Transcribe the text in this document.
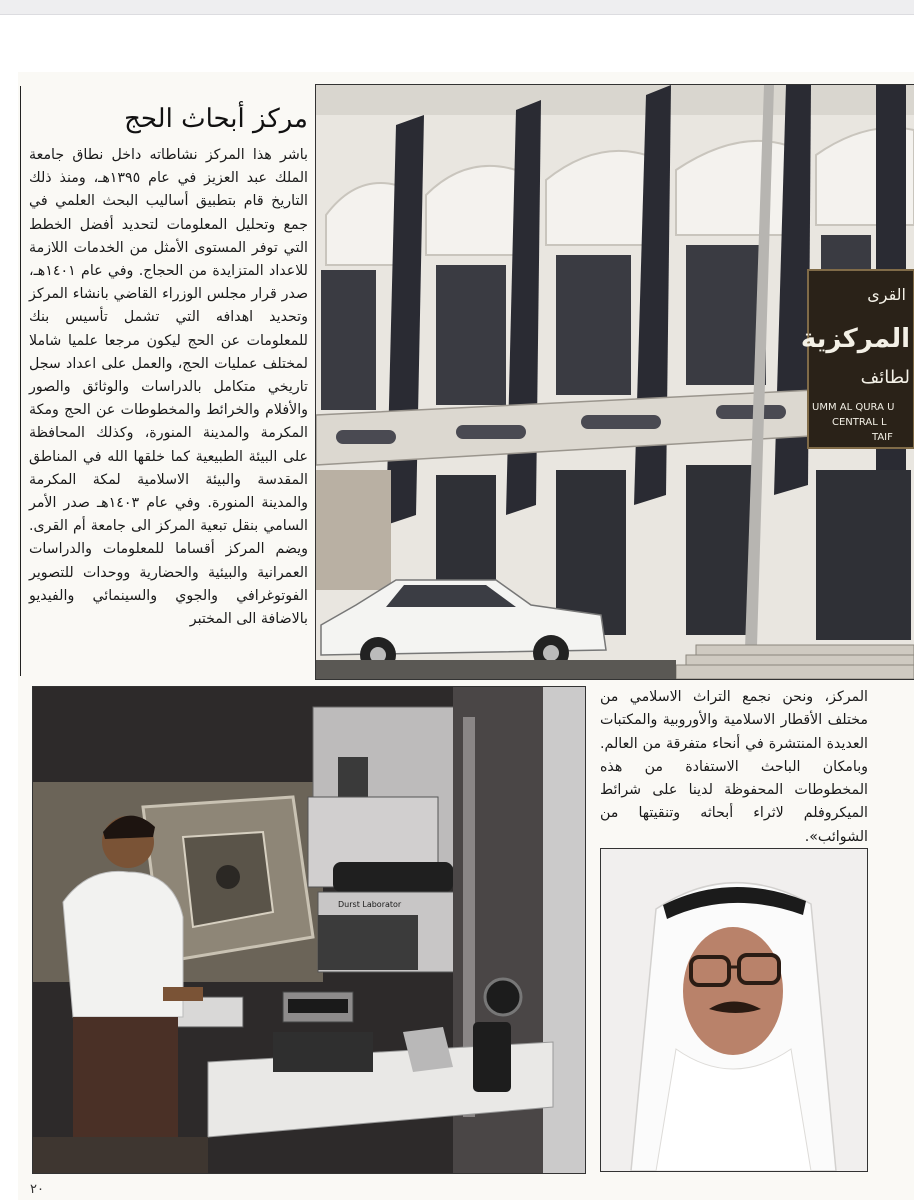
مركز أبحاث الحج

باشر هذا المركز نشاطاته داخل نطاق جامعة الملك عبد العزيز في عام ١٣٩٥هـ، ومنذ ذلك التاريخ قام بتطبيق أساليب البحث العلمي في جمع وتحليل المعلومات لتحديد أفضل الخطط التي توفر المستوى الأمثل من الخدمات اللازمة للاعداد المتزايدة من الحجاج. وفي عام ١٤٠١هـ، صدر قرار مجلس الوزراء القاضي بانشاء المركز وتحديد اهدافه التي تشمل تأسيس بنك للمعلومات عن الحج ليكون مرجعا علميا شاملا لمختلف عمليات الحج، والعمل على اعداد سجل تاريخي متكامل بالدراسات والوثائق والصور والأفلام والخرائط والمخطوطات عن الحج ومكة المكرمة والمدينة المنورة، وكذلك المحافظة على البيئة الطبيعية كما خلقها الله في المناطق المقدسة والبيئة الاسلامية لمكة المكرمة والمدينة المنورة. وفي عام ١٤٠٣هـ صدر الأمر السامي بنقل تبعية المركز الى جامعة أم القرى. ويضم المركز أقساما للمعلومات والدراسات العمرانية والبيئية والحضارية ووحدات للتصوير الفوتوغرافي والجوي والسينمائي والفيديو بالاضافة الى المختبر

القرى
المركزية
لطائف
UMM AL QURA U
CENTRAL L
TAIF

المركز، ونحن نجمع التراث الاسلامي من مختلف الأقطار الاسلامية والأوروبية والمكتبات العديدة المنتشرة في أنحاء متفرقة من العالم. وبامكان الباحث الاستفادة من هذه المخطوطات المحفوظة لدينا على شرائط الميكروفلم لاثراء أبحاثه وتنقيتها من الشوائب».

Durst Laborator
٢٠
